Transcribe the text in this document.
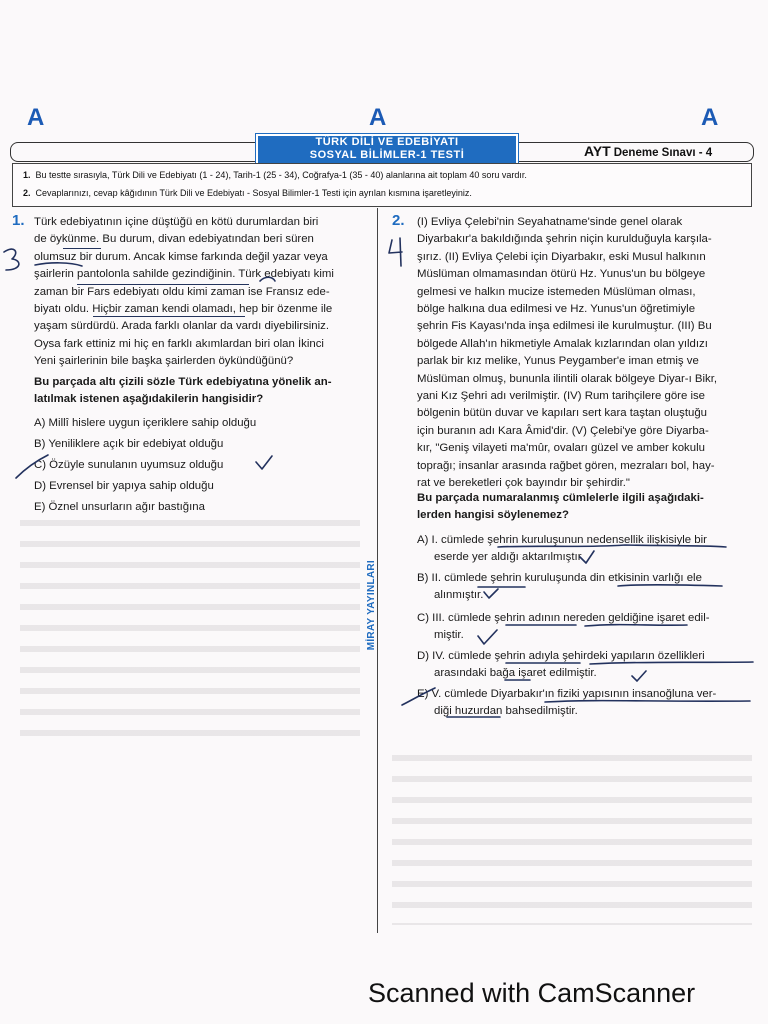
A	A	A
TÜRK DİLİ VE EDEBİYATI
SOSYAL BİLİMLER-1 TESTİ	AYT Deneme Sınavı - 4
1. Bu testte sırasıyla, Türk Dili ve Edebiyatı (1 - 24), Tarih-1 (25 - 34), Coğrafya-1 (35 - 40) alanlarına ait toplam 40 soru vardır.
2. Cevaplarınızı, cevap kâğıdının Türk Dili ve Edebiyatı - Sosyal Bilimler-1 Testi için ayrılan kısmına işaretleyiniz.
MİRAY YAYINLARI
1. Türk edebiyatının içine düştüğü en kötü durumlardan biri
de öykünme. Bu durum, divan edebiyatından beri süren
olumsuz bir durum. Ancak kimse farkında değil yazar veya
şairlerin pantolonla sahilde gezindiğinin. Türk edebiyatı kimi
zaman bir Fars edebiyatı oldu kimi zaman ise Fransız ede-
biyatı oldu. Hiçbir zaman kendi olamadı, hep bir özenme ile
yaşam sürdürdü. Arada farklı olanlar da vardı diyebilirsiniz.
Oysa fark ettiniz mi hiç en farklı akımlardan biri olan İkinci
Yeni şairlerinin bile başka şairlerden öykündüğünü?
Bu parçada altı çizili sözle Türk edebiyatına yönelik an-
latılmak istenen aşağıdakilerin hangisidir?
A) Millî hislere uygun içeriklere sahip olduğu
B) Yeniliklere açık bir edebiyat olduğu
C) Özüyle sunulanın uyumsuz olduğu
D) Evrensel bir yapıya sahip olduğu
E) Öznel unsurların ağır bastığına
2. (I) Evliya Çelebi'nin Seyahatname'sinde genel olarak
Diyarbakır'a bakıldığında şehrin niçin kurulduğuyla karşıla-
şırız. (II) Evliya Çelebi için Diyarbakır, eski Musul halkının
Müslüman olmamasından ötürü Hz. Yunus'un bu bölgeye
gelmesi ve halkın mucize istemeden Müslüman olması,
bölge halkına dua edilmesi ve Hz. Yunus'un öğretimiyle
şehrin Fis Kayası'nda inşa edilmesi ile kurulmuştur. (III) Bu
bölgede Allah'ın hikmetiyle Amalak kızlarından olan yıldızı
parlak bir kız melike, Yunus Peygamber'e iman etmiş ve
Müslüman olmuş, bununla ilintili olarak bölgeye Diyar-ı Bikr,
yani Kız Şehri adı verilmiştir. (IV) Rum tarihçilere göre ise
bölgenin bütün duvar ve kapıları sert kara taştan oluştuğu
için buranın adı Kara Âmid'dir. (V) Çelebi'ye göre Diyarba-
kır, "Geniş vilayeti ma'mûr, ovaları güzel ve amber kokulu
toprağı; insanlar arasında rağbet gören, mezraları bol, hay-
rat ve bereketleri çok bayındır bir şehirdir."
Bu parçada numaralanmış cümlelerle ilgili aşağıdaki-
lerden hangisi söylenemez?
A) I. cümlede şehrin kuruluşunun nedensellik ilişkisiyle bir
eserde yer aldığı aktarılmıştır.
B) II. cümlede şehrin kuruluşunda din etkisinin varlığı ele
alınmıştır.
C) III. cümlede şehrin adının nereden geldiğine işaret edil-
miştir.
D) IV. cümlede şehrin adıyla şehirdeki yapıların özellikleri
arasındaki bağa işaret edilmiştir.
E) V. cümlede Diyarbakır'ın fiziki yapısının insanoğluna ver-
diği huzurdan bahsedilmiştir.
Scanned with CamScanner
